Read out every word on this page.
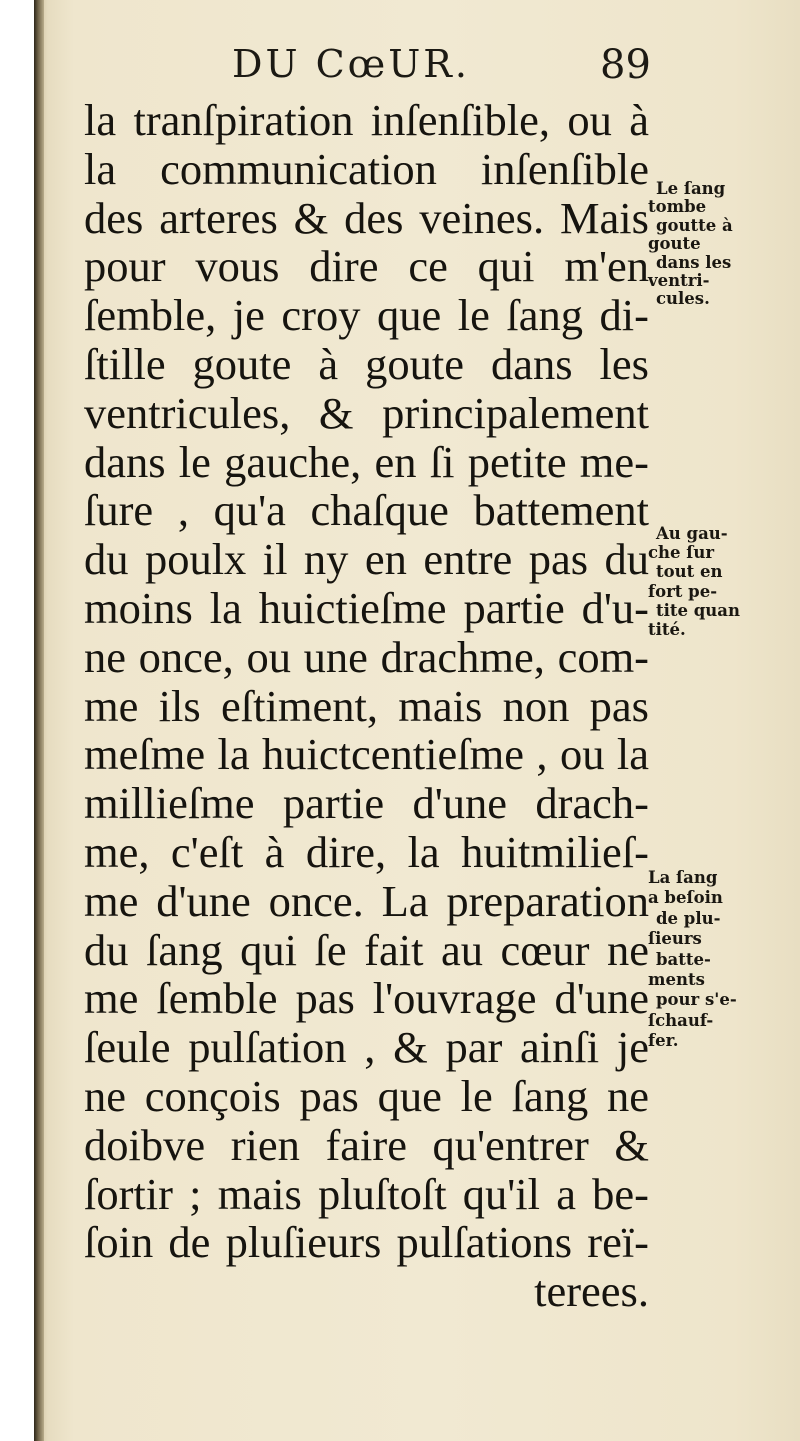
DU CœUR.	89
la tranſpiration inſenſible, ou à
la communication inſenſible
des arteres & des veines. Mais
pour vous dire ce qui m'en
ſemble, je croy que le ſang di-
ſtille goute à goute dans les
ventricules, & principalement
dans le gauche, en ſi petite me-
ſure , qu'a chaſque battement
du poulx il ny en entre pas du
moins la huictieſme partie d'u-
ne once, ou une drachme, com-
me ils eſtiment, mais non pas
meſme la huictcentieſme , ou la
millieſme partie d'une drach-
me, c'eſt à dire, la huitmilieſ-
me d'une once. La preparation
du ſang qui ſe fait au cœur ne
me ſemble pas l'ouvrage d'une
ſeule pulſation , & par ainſi je
ne conçois pas que le ſang ne
doibve rien faire qu'entrer &
ſortir ; mais pluſtoſt qu'il a be-
ſoin de pluſieurs pulſations reï-
terees.
Le ſang
tombe
goutte à
goute
dans les
ventri-
cules.
Au gau-
che ſur
tout en
fort pe-
tite quan
tité.
La ſang
a beſoin
de plu-
ſieurs
batte-
ments
pour s'e-
ſchauf-
fer.
